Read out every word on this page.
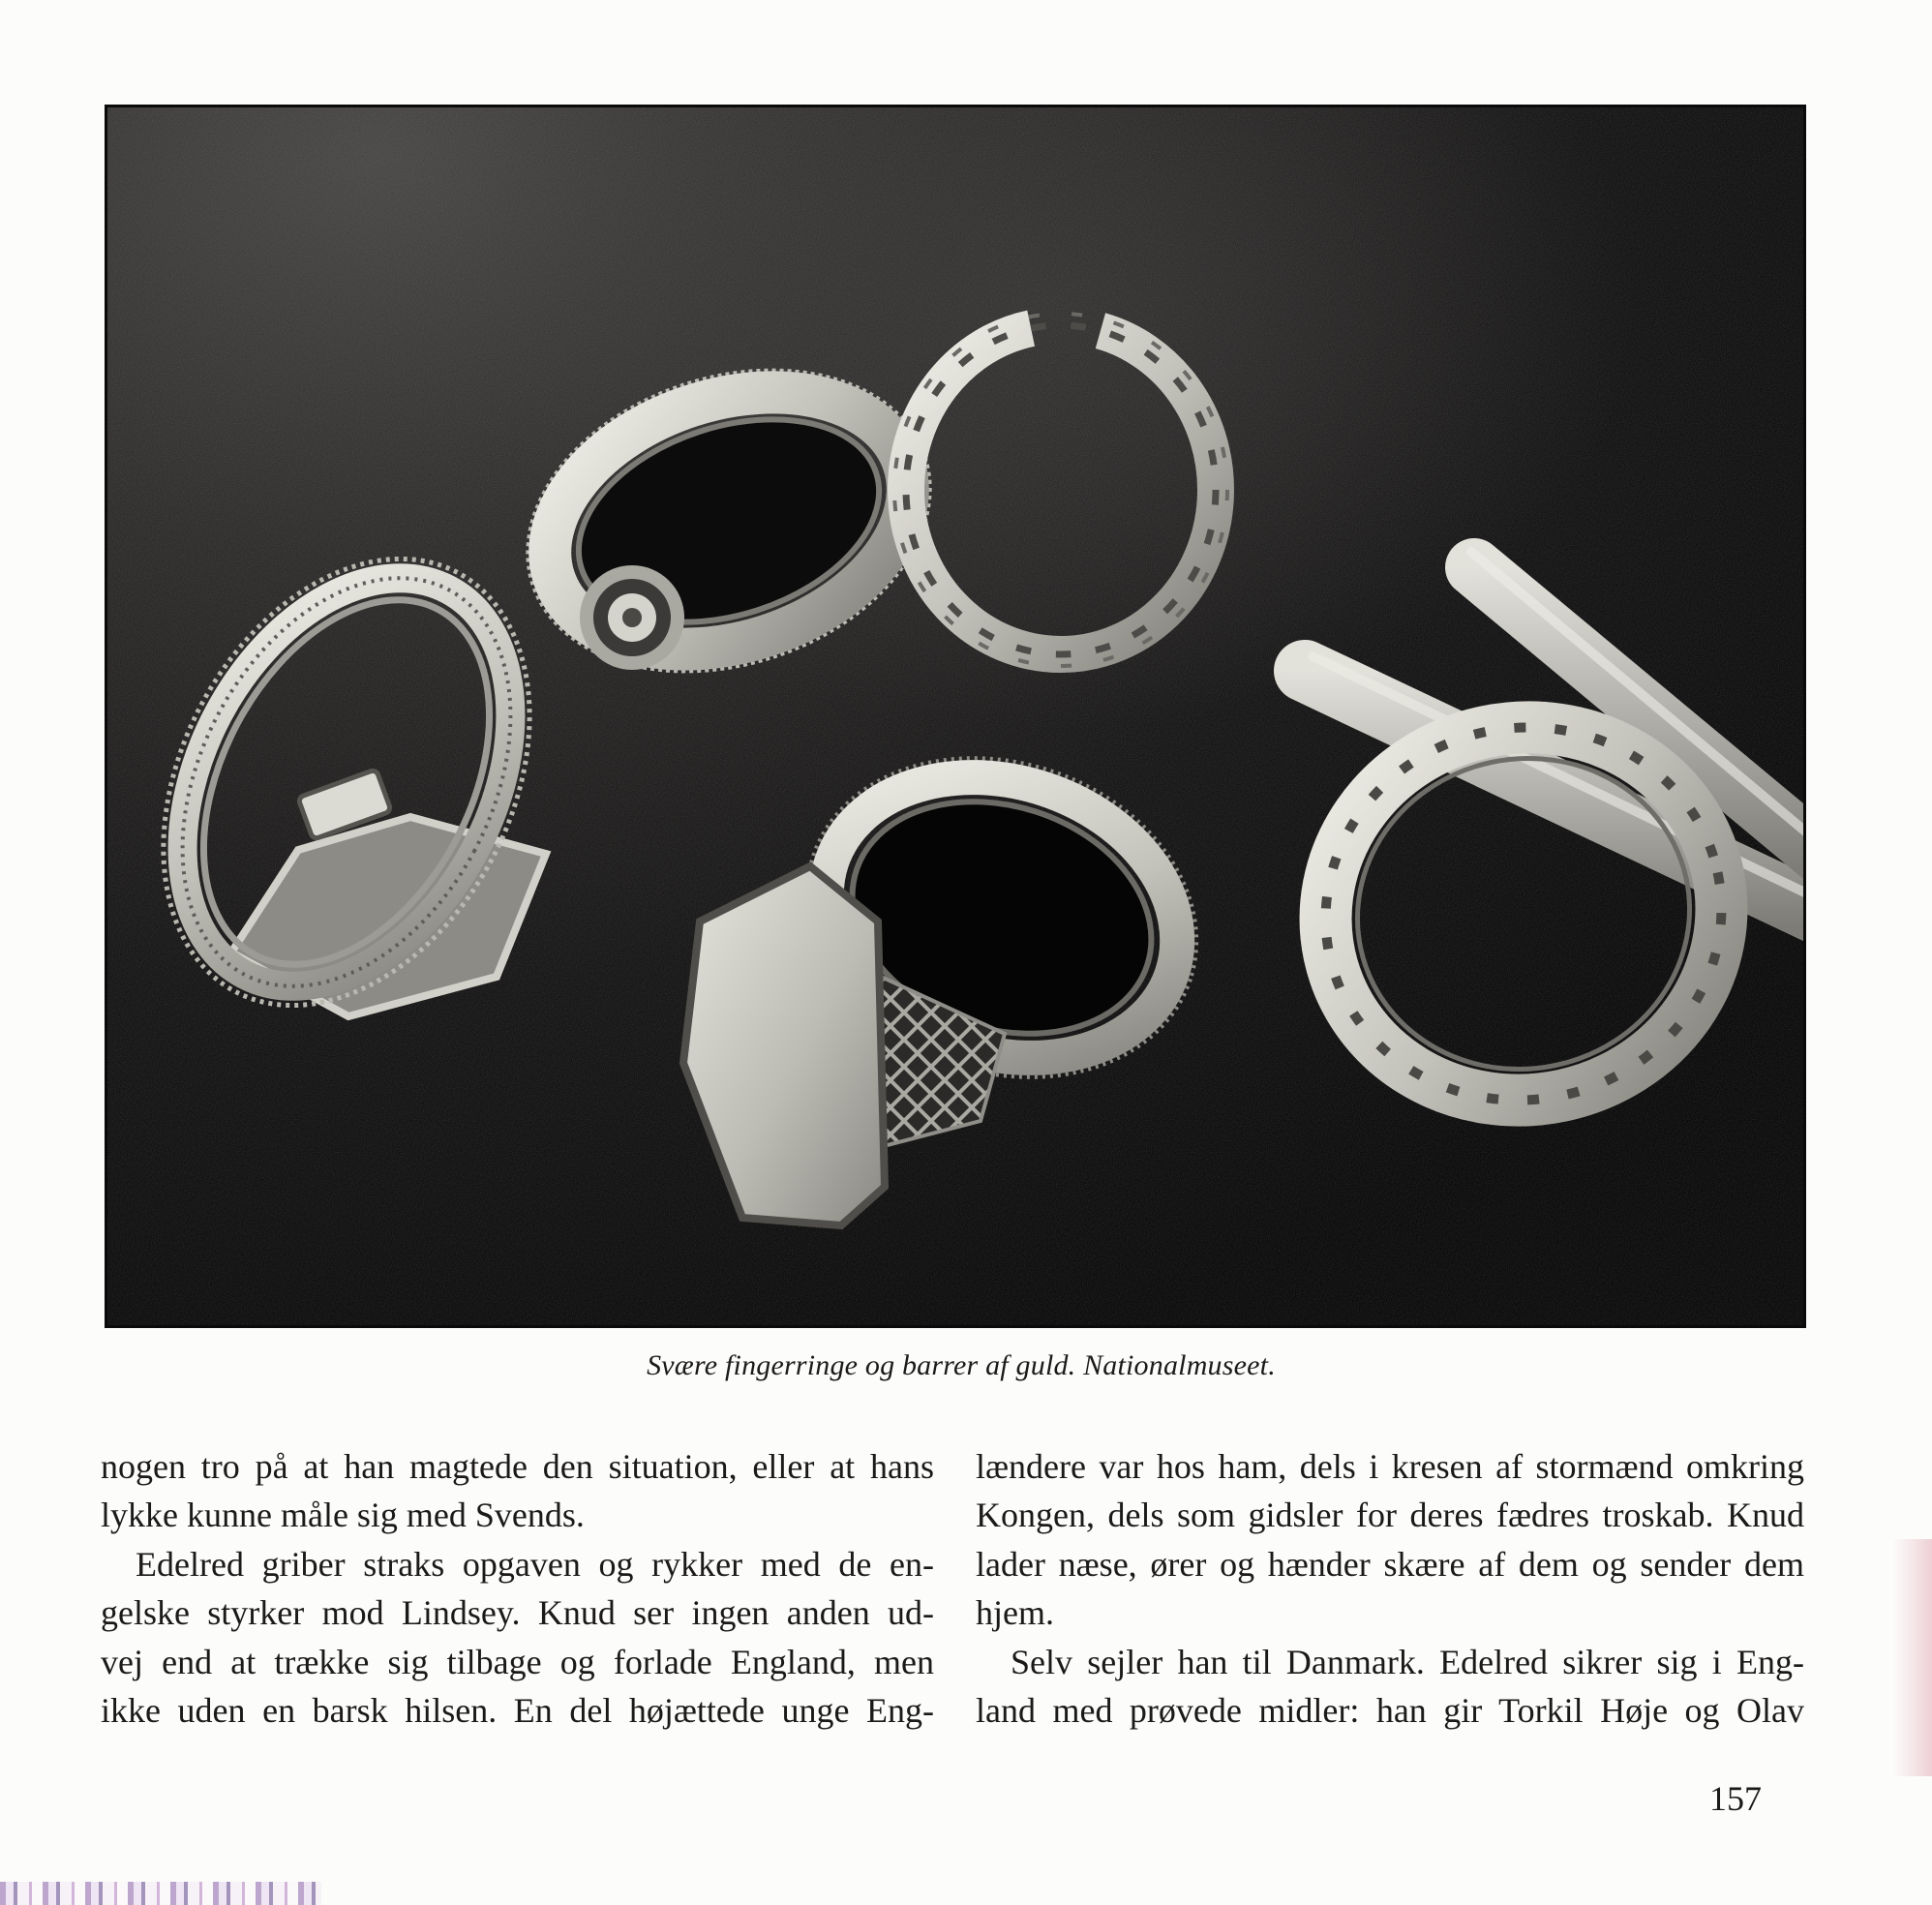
Svære fingerringe og barrer af guld. Nationalmuseet.
nogen tro på at han magtede den situation, eller at hans
lykke kunne måle sig med Svends.
Edelred griber straks opgaven og rykker med de en-
gelske styrker mod Lindsey. Knud ser ingen anden ud-
vej end at trække sig tilbage og forlade England, men
ikke uden en barsk hilsen. En del højættede unge Eng-
lændere var hos ham, dels i kresen af stormænd omkring
Kongen, dels som gidsler for deres fædres troskab. Knud
lader næse, ører og hænder skære af dem og sender dem
hjem.
Selv sejler han til Danmark. Edelred sikrer sig i Eng-
land med prøvede midler: han gir Torkil Høje og Olav
157
